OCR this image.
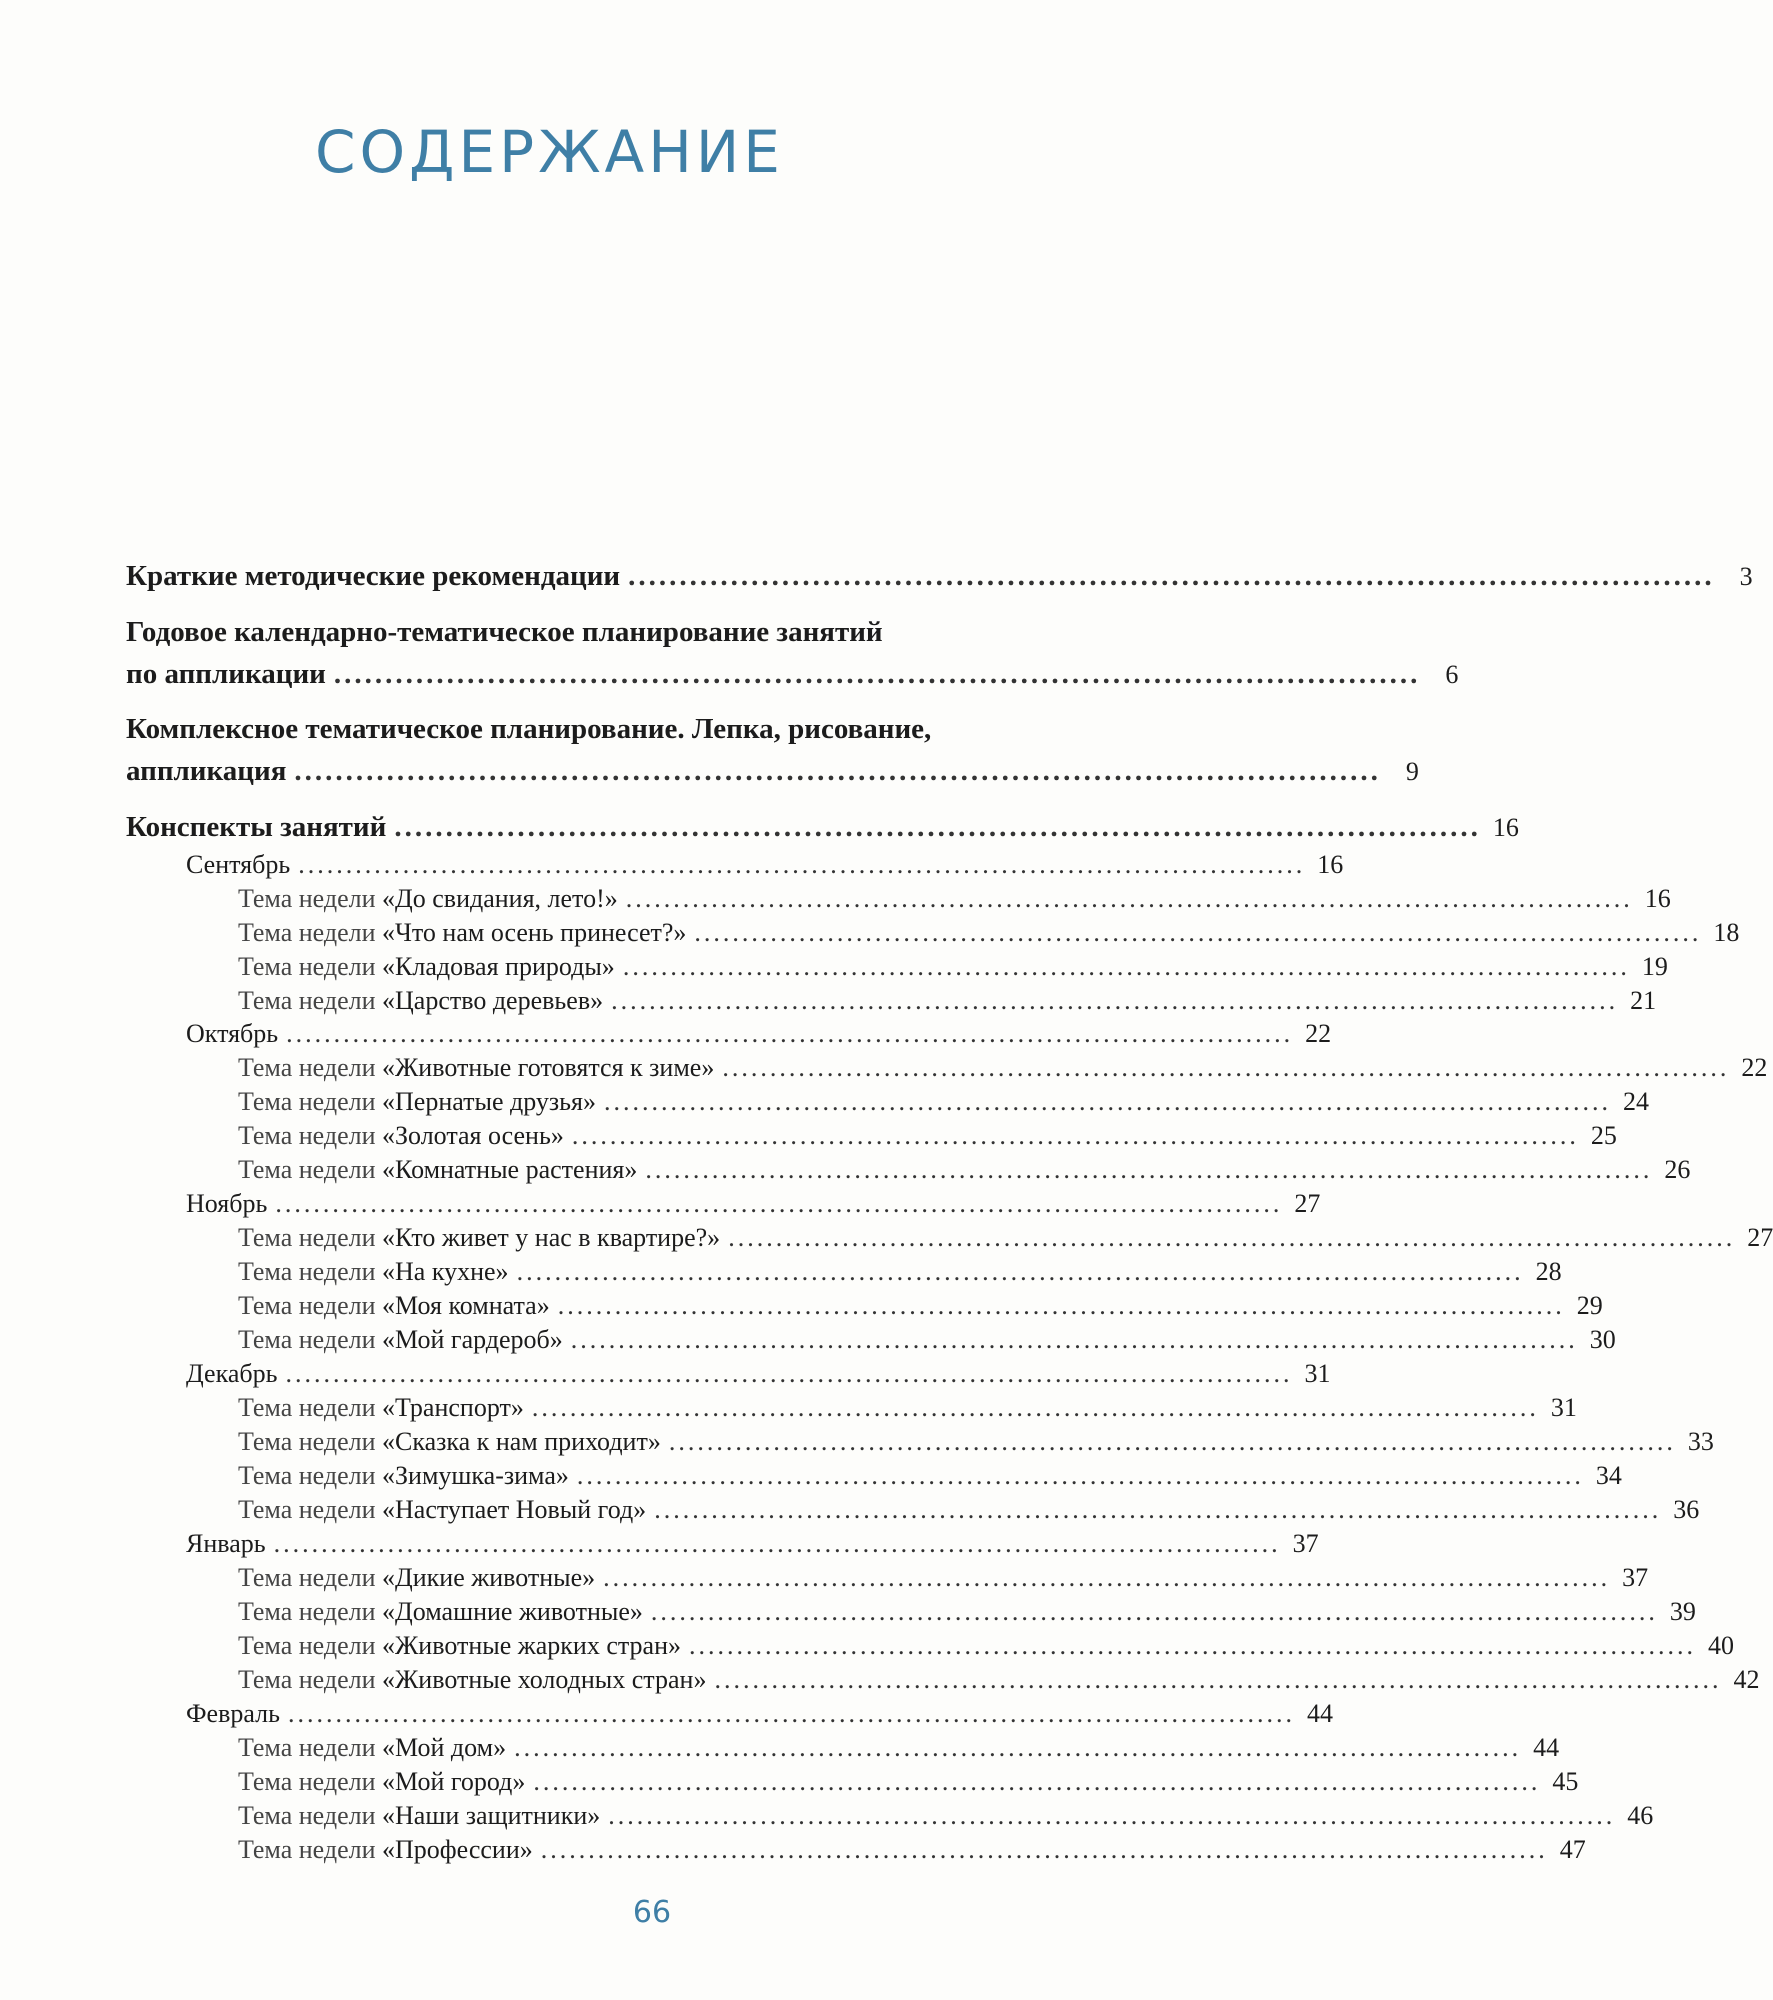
СОДЕРЖАНИЕ
Краткие методические рекомендации .......................................................................................................... 3
Годовое календарно-тематическое планирование занятий
по аппликации .......................................................................................................... 6
Комплексное тематическое планирование. Лепка, рисование,
аппликация .......................................................................................................... 9
Конспекты занятий .......................................................................................................... 16
Сентябрь .......................................................................................................... 16
Тема недели «До свидания, лето!» .......................................................................................................... 16
Тема недели «Что нам осень принесет?» .......................................................................................................... 18
Тема недели «Кладовая природы» .......................................................................................................... 19
Тема недели «Царство деревьев» .......................................................................................................... 21
Октябрь .......................................................................................................... 22
Тема недели «Животные готовятся к зиме» .......................................................................................................... 22
Тема недели «Пернатые друзья» .......................................................................................................... 24
Тема недели «Золотая осень» .......................................................................................................... 25
Тема недели «Комнатные растения» .......................................................................................................... 26
Ноябрь .......................................................................................................... 27
Тема недели «Кто живет у нас в квартире?» .......................................................................................................... 27
Тема недели «На кухне» .......................................................................................................... 28
Тема недели «Моя комната» .......................................................................................................... 29
Тема недели «Мой гардероб» .......................................................................................................... 30
Декабрь .......................................................................................................... 31
Тема недели «Транспорт» .......................................................................................................... 31
Тема недели «Сказка к нам приходит» .......................................................................................................... 33
Тема недели «Зимушка-зима» .......................................................................................................... 34
Тема недели «Наступает Новый год» .......................................................................................................... 36
Январь .......................................................................................................... 37
Тема недели «Дикие животные» .......................................................................................................... 37
Тема недели «Домашние животные» .......................................................................................................... 39
Тема недели «Животные жарких стран» .......................................................................................................... 40
Тема недели «Животные холодных стран» .......................................................................................................... 42
Февраль .......................................................................................................... 44
Тема недели «Мой дом» .......................................................................................................... 44
Тема недели «Мой город» .......................................................................................................... 45
Тема недели «Наши защитники» .......................................................................................................... 46
Тема недели «Профессии» .......................................................................................................... 47
66
